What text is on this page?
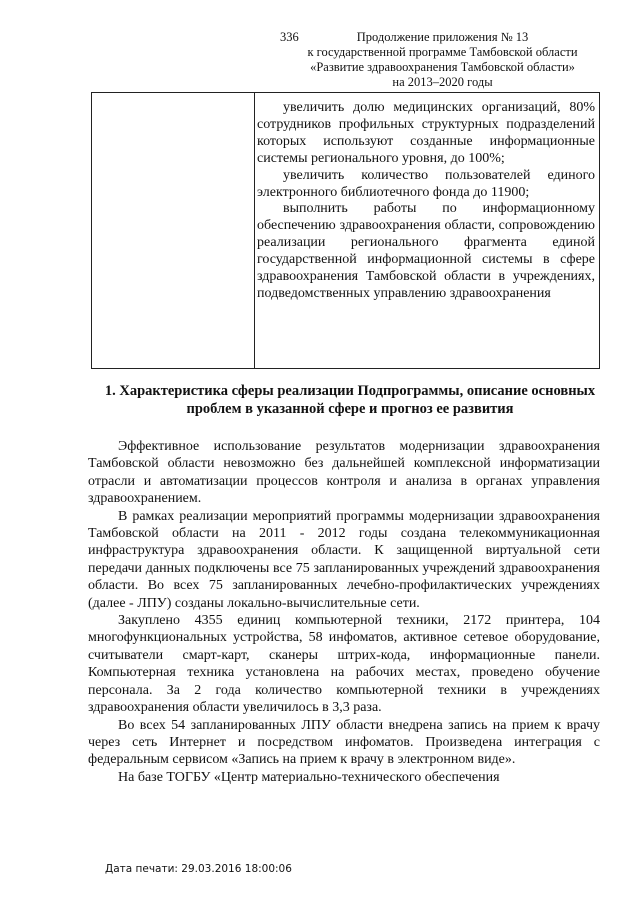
336	Продолжение приложения № 13
к государственной программе Тамбовской области
«Развитие здравоохранения Тамбовской области»
на 2013–2020 годы

увеличить долю медицинских организаций, 80% сотрудников профильных структурных подразделений которых используют созданные информационные системы регионального уровня, до 100%;

увеличить количество пользователей единого электронного библиотечного фонда до 11900;

выполнить работы по информационному обеспечению здравоохранения области, сопровождению реализации регионального фрагмента единой государственной информационной системы в сфере здравоохранения Тамбовской области в учреждениях, подведомственных управлению здравоохранения

1. Характеристика сферы реализации Подпрограммы, описание основных проблем в указанной сфере и прогноз ее развития

Эффективное использование результатов модернизации здравоохранения Тамбовской области невозможно без дальнейшей комплексной информатизации отрасли и автоматизации процессов контроля и анализа в органах управления здравоохранением.

В рамках реализации мероприятий программы модернизации здравоохранения Тамбовской области на 2011 - 2012 годы создана телекоммуникационная инфраструктура здравоохранения области. К защищенной виртуальной сети передачи данных подключены все 75 запланированных учреждений здравоохранения области. Во всех 75 запланированных лечебно-профилактических учреждениях (далее - ЛПУ) созданы локально-вычислительные сети.

Закуплено 4355 единиц компьютерной техники, 2172 принтера, 104 многофункциональных устройства, 58 инфоматов, активное сетевое оборудование, считыватели смарт-карт, сканеры штрих-кода, информационные панели. Компьютерная техника установлена на рабочих местах, проведено обучение персонала. За 2 года количество компьютерной техники в учреждениях здравоохранения области увеличилось в 3,3 раза.

Во всех 54 запланированных ЛПУ области внедрена запись на прием к врачу через сеть Интернет и посредством инфоматов. Произведена интеграция с федеральным сервисом «Запись на прием к врачу в электронном виде».

На базе ТОГБУ «Центр материально-технического обеспечения

Дата печати: 29.03.2016 18:00:06
